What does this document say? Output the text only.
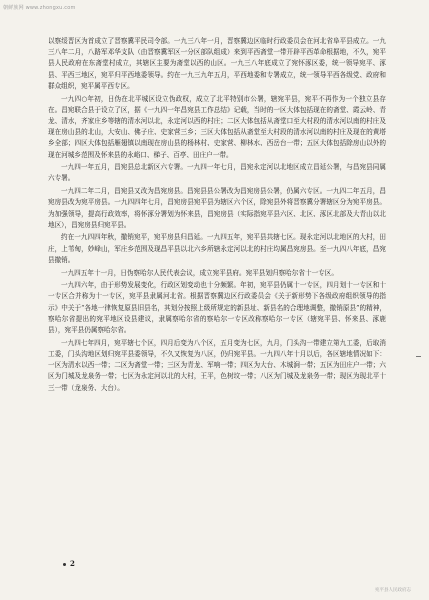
朝鲜族网 www.zhongxu.com

以察绥晋区为首成立了晋察冀平民司令部。一九三八年一月，晋察冀边区临时行政委员会在河北省阜平县成立。一九三八年二月，八路军邓华支队（由晋察冀军区一分区部队组成）来到平西斋堂一带开辟平西革命根据地，不久，宛平县人民政府在东斋堂村成立，其辖区主要为斋堂以西的山区。一九三八年底成立了宛怀涿区委，统一领导宛平、涿县、平西三地区，宛平归平西地委领导。约在一九三九年五月，平西地委和专署成立，统一领导平西各级党、政府和群众组织，宛平属平西专区。

一九四○年初，日伪在北平城区设立伪政权，成立了北平特别市公署，辖宛平县，宛平不再作为一个独立县存在。昌宛联合县于设立了区，据《一九四一年昌宛县工作总结》记载，当时的一区大体包括现在的斋堂、霞云岭、青龙、清水，齐家庄乡等辖的清水河以北，永定河以西的村庄；二区大体包括从斋堂口至大村段的清水河以南的村庄及现在房山县的北山，大安山、佛子庄、史家营三乡；三区大体包括从斋堂至大村段的清水河以南的村庄及现在的黄塔乡全部；四区大体包括雁翅镇以南现在房山县的杨林村、史家营、柳林水、西岳台一带；五区大体包括除房山以外的现在河城乡范围及怀来县的永峪口、梯子、百亭、田庄户一带。

一九四一年五月，昌宛县总北新区六专署。一九四一年七月，昌宛永定河以北地区成立昌延公署，与昌宛县同属六专署。

一九四二年二月，昌宛县又改为昌宛房县。昌宛县县公署改为昌宛房县公署，仍属六专区。一九四二年五月，昌宛房县改为宛平房县。一九四四年七月，昌宛房县宛平县为辖区六个区，除宛县外将晋察冀分署辖区分为宛平房县。为加强领导，提高行政效率，将怀涿分署划为怀来县，昌宛房县（实际指宛平县六区、北区、涿区北部及大青山以北地区），昌宛房县归宛平县。

约在一九四四年秋，撤销宛平，宛平房县归昌延。一九四五年，宛平县共辖七区。现永定河以北地区的大村，田庄，上苇甸，妙峰山，军庄乡范围及现昌平县以北六乡所辖永定河以北的村庄均属昌宛房县。至一九四八年底，昌宛县撤销。

一九四五年十一月，日伪察哈尔人民代表会议，成立宛平县府。宛平县划归察哈尔省十一专区。

一九四六年，由于形势发展变化，行政区划变动也十分频繁。年初，宛平县仍属十一专区，四月划十一专区和十一专区合并称为十一专区，宛平县隶属河北省。根据晋察冀边区行政委员会《关于新形势下各级政府组织领导的指示》中关于“各地一律恢复原县旧县名，其划分按照上级所规定的新县址、新县名的合理地调整，撤销原县”的精神，察哈尔省提出的宛平地区设县建议，隶属察哈尔省的察哈尔一专区改称察哈尔一专区（辖宛平县、怀来县、涿鹿县），宛平县仍属察哈尔省。

一九四七年四月，宛平辖七个区，四月后变为八个区，五月变为七区，九月，门头沟一带建立第九工委，后取消工委，门头沟地区划归宛平县委领导，不久又恢复为八区，仍归宛平县。一九四八年十月以后，各区辖地情况如下：一区为清水以西一带；二区为斋堂一带；三区为青龙、军响一带；四区为大台、木城涧一带；五区为田庄户一带；六区为门城及龙泉务一带；七区为永定河以北的大村，王平，色树坟一带；八区为门城及龙泉务一带；现区为现北平十三一带（龙泉务、大台）。

2
宛平县人民政府志
